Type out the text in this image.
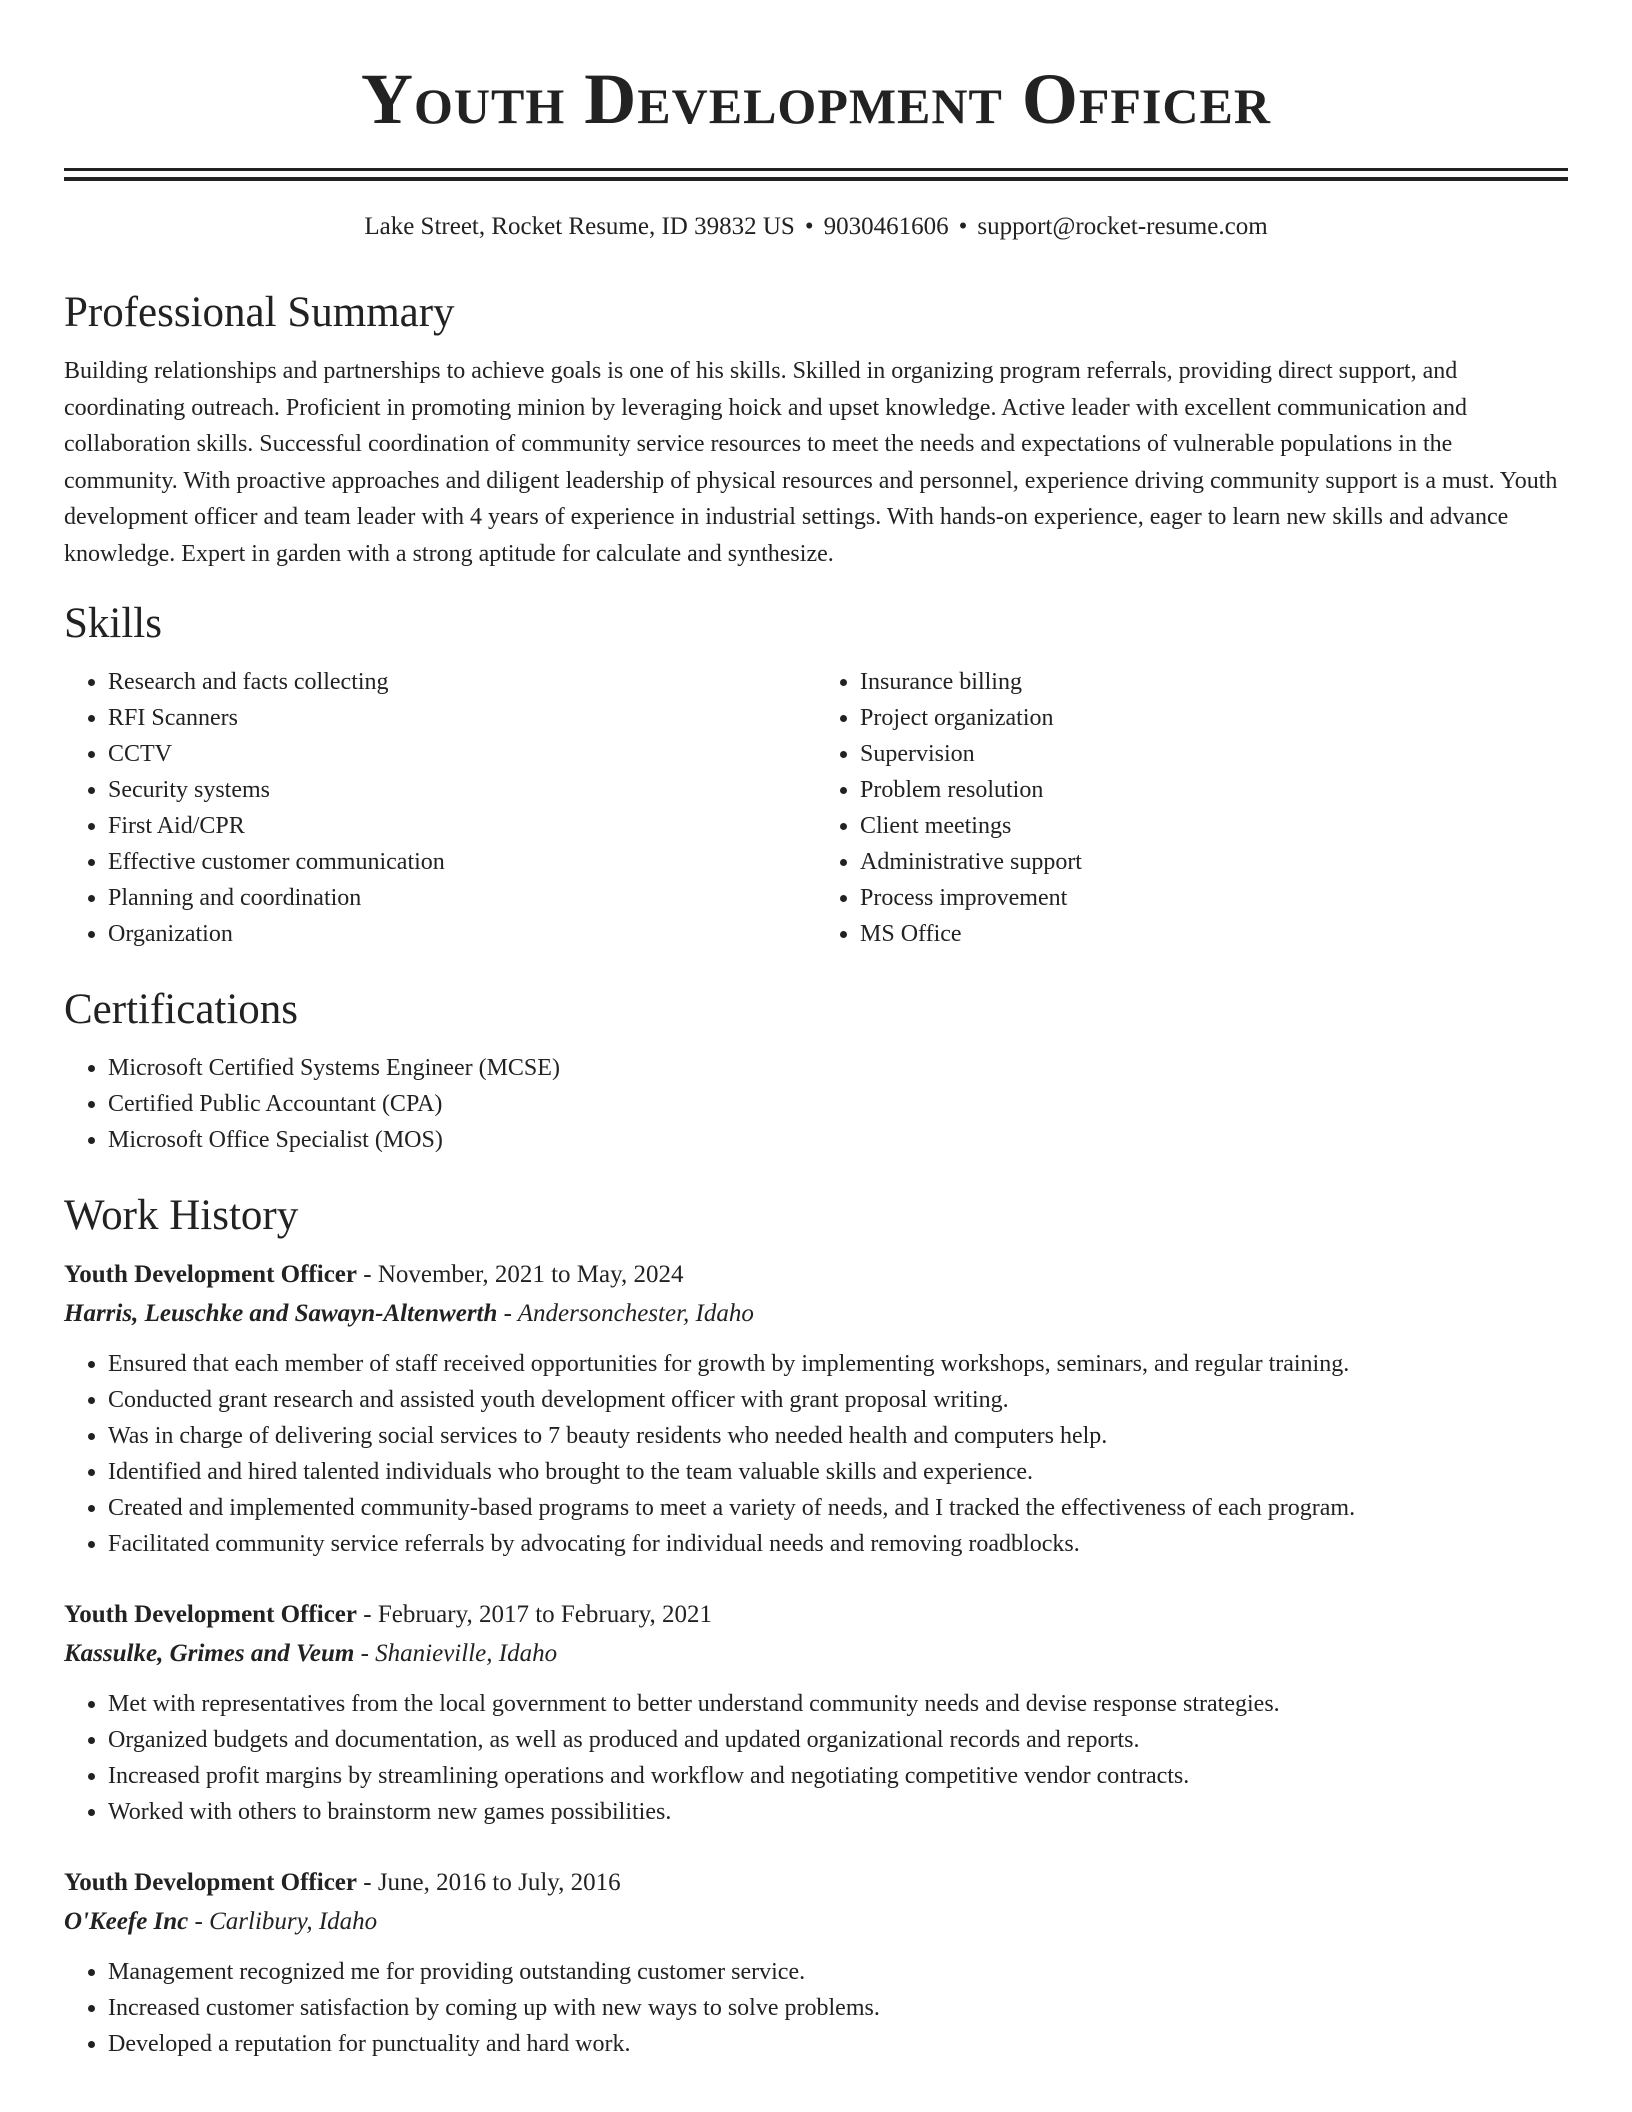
Youth Development Officer
Lake Street, Rocket Resume, ID 39832 US • 9030461606 • support@rocket-resume.com
Professional Summary

Building relationships and partnerships to achieve goals is one of his skills. Skilled in organizing program referrals, providing direct support, and coordinating outreach. Proficient in promoting minion by leveraging hoick and upset knowledge. Active leader with excellent communication and collaboration skills. Successful coordination of community service resources to meet the needs and expectations of vulnerable populations in the community. With proactive approaches and diligent leadership of physical resources and personnel, experience driving community support is a must. Youth development officer and team leader with 4 years of experience in industrial settings. With hands-on experience, eager to learn new skills and advance knowledge. Expert in garden with a strong aptitude for calculate and synthesize.

Skills
• Research and facts collecting
• RFI Scanners
• CCTV
• Security systems
• First Aid/CPR
• Effective customer communication
• Planning and coordination
• Organization
• Insurance billing
• Project organization
• Supervision
• Problem resolution
• Client meetings
• Administrative support
• Process improvement
• MS Office
Certifications
• Microsoft Certified Systems Engineer (MCSE)
• Certified Public Accountant (CPA)
• Microsoft Office Specialist (MOS)
Work History
Youth Development Officer - November, 2021 to May, 2024
Harris, Leuschke and Sawayn-Altenwerth - Andersonchester, Idaho
• Ensured that each member of staff received opportunities for growth by implementing workshops, seminars, and regular training.
• Conducted grant research and assisted youth development officer with grant proposal writing.
• Was in charge of delivering social services to 7 beauty residents who needed health and computers help.
• Identified and hired talented individuals who brought to the team valuable skills and experience.
• Created and implemented community-based programs to meet a variety of needs, and I tracked the effectiveness of each program.
• Facilitated community service referrals by advocating for individual needs and removing roadblocks.
Youth Development Officer - February, 2017 to February, 2021
Kassulke, Grimes and Veum - Shanieville, Idaho
• Met with representatives from the local government to better understand community needs and devise response strategies.
• Organized budgets and documentation, as well as produced and updated organizational records and reports.
• Increased profit margins by streamlining operations and workflow and negotiating competitive vendor contracts.
• Worked with others to brainstorm new games possibilities.
Youth Development Officer - June, 2016 to July, 2016
O'Keefe Inc - Carlibury, Idaho
• Management recognized me for providing outstanding customer service.
• Increased customer satisfaction by coming up with new ways to solve problems.
• Developed a reputation for punctuality and hard work.
